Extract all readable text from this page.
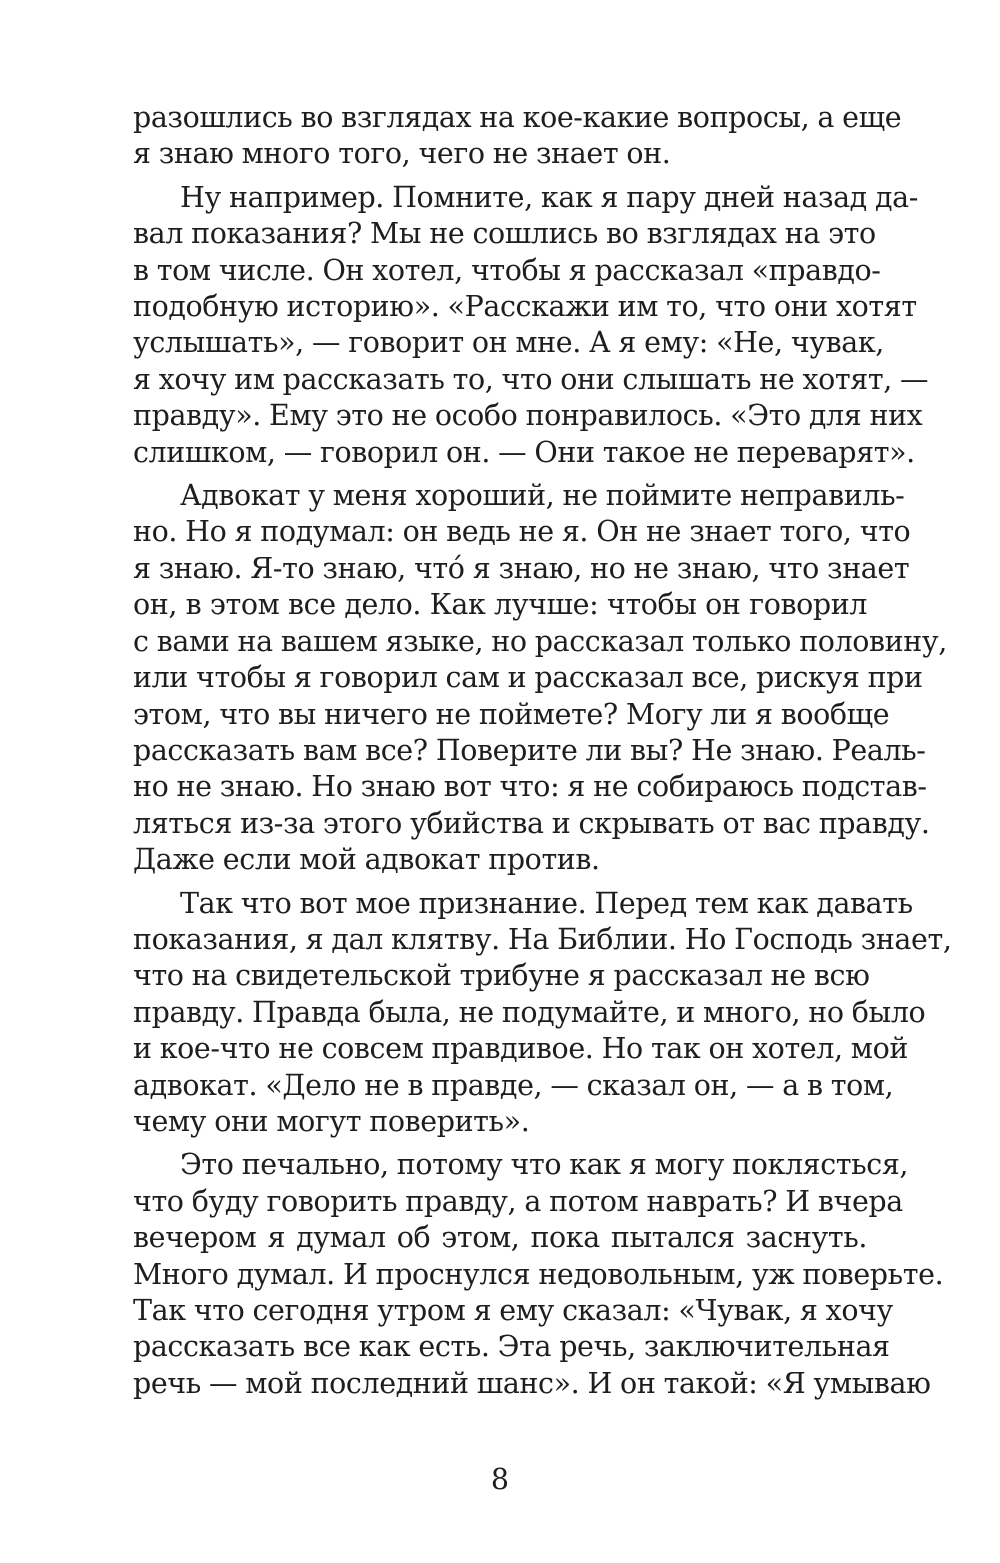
разошлись во взглядах на кое-какие вопросы, а еще
я знаю много того, чего не знает он.
Ну например. Помните, как я пару дней назад да-
вал показания? Мы не сошлись во взглядах на это
в том числе. Он хотел, чтобы я рассказал «правдо-
подобную историю». «Расскажи им то, что они хотят
услышать», — говорит он мне. А я ему: «Не, чувак,
я хочу им рассказать то, что они слышать не хотят, —
правду». Ему это не особо понравилось. «Это для них
слишком, — говорил он. — Они такое не переварят».
Адвокат у меня хороший, не поймите неправиль-
но. Но я подумал: он ведь не я. Он не знает того, что
я знаю. Я-то знаю, что́ я знаю, но не знаю, что знает
он, в этом все дело. Как лучше: чтобы он говорил
с вами на вашем языке, но рассказал только половину,
или чтобы я говорил сам и рассказал все, рискуя при
этом, что вы ничего не поймете? Могу ли я вообще
рассказать вам все? Поверите ли вы? Не знаю. Реаль-
но не знаю. Но знаю вот что: я не собираюсь подстав-
ляться из-за этого убийства и скрывать от вас правду.
Даже если мой адвокат против.
Так что вот мое признание. Перед тем как давать
показания, я дал клятву. На Библии. Но Господь знает,
что на свидетельской трибуне я рассказал не всю
правду. Правда была, не подумайте, и много, но было
и кое-что не совсем правдивое. Но так он хотел, мой
адвокат. «Дело не в правде, — сказал он, — а в том,
чему они могут поверить».
Это печально, потому что как я могу поклясться,
что буду говорить правду, а потом наврать? И вчера
вечером я думал об этом, пока пытался заснуть.
Много думал. И проснулся недовольным, уж поверьте.
Так что сегодня утром я ему сказал: «Чувак, я хочу
рассказать все как есть. Эта речь, заключительная
речь — мой последний шанс». И он такой: «Я умываю
8
